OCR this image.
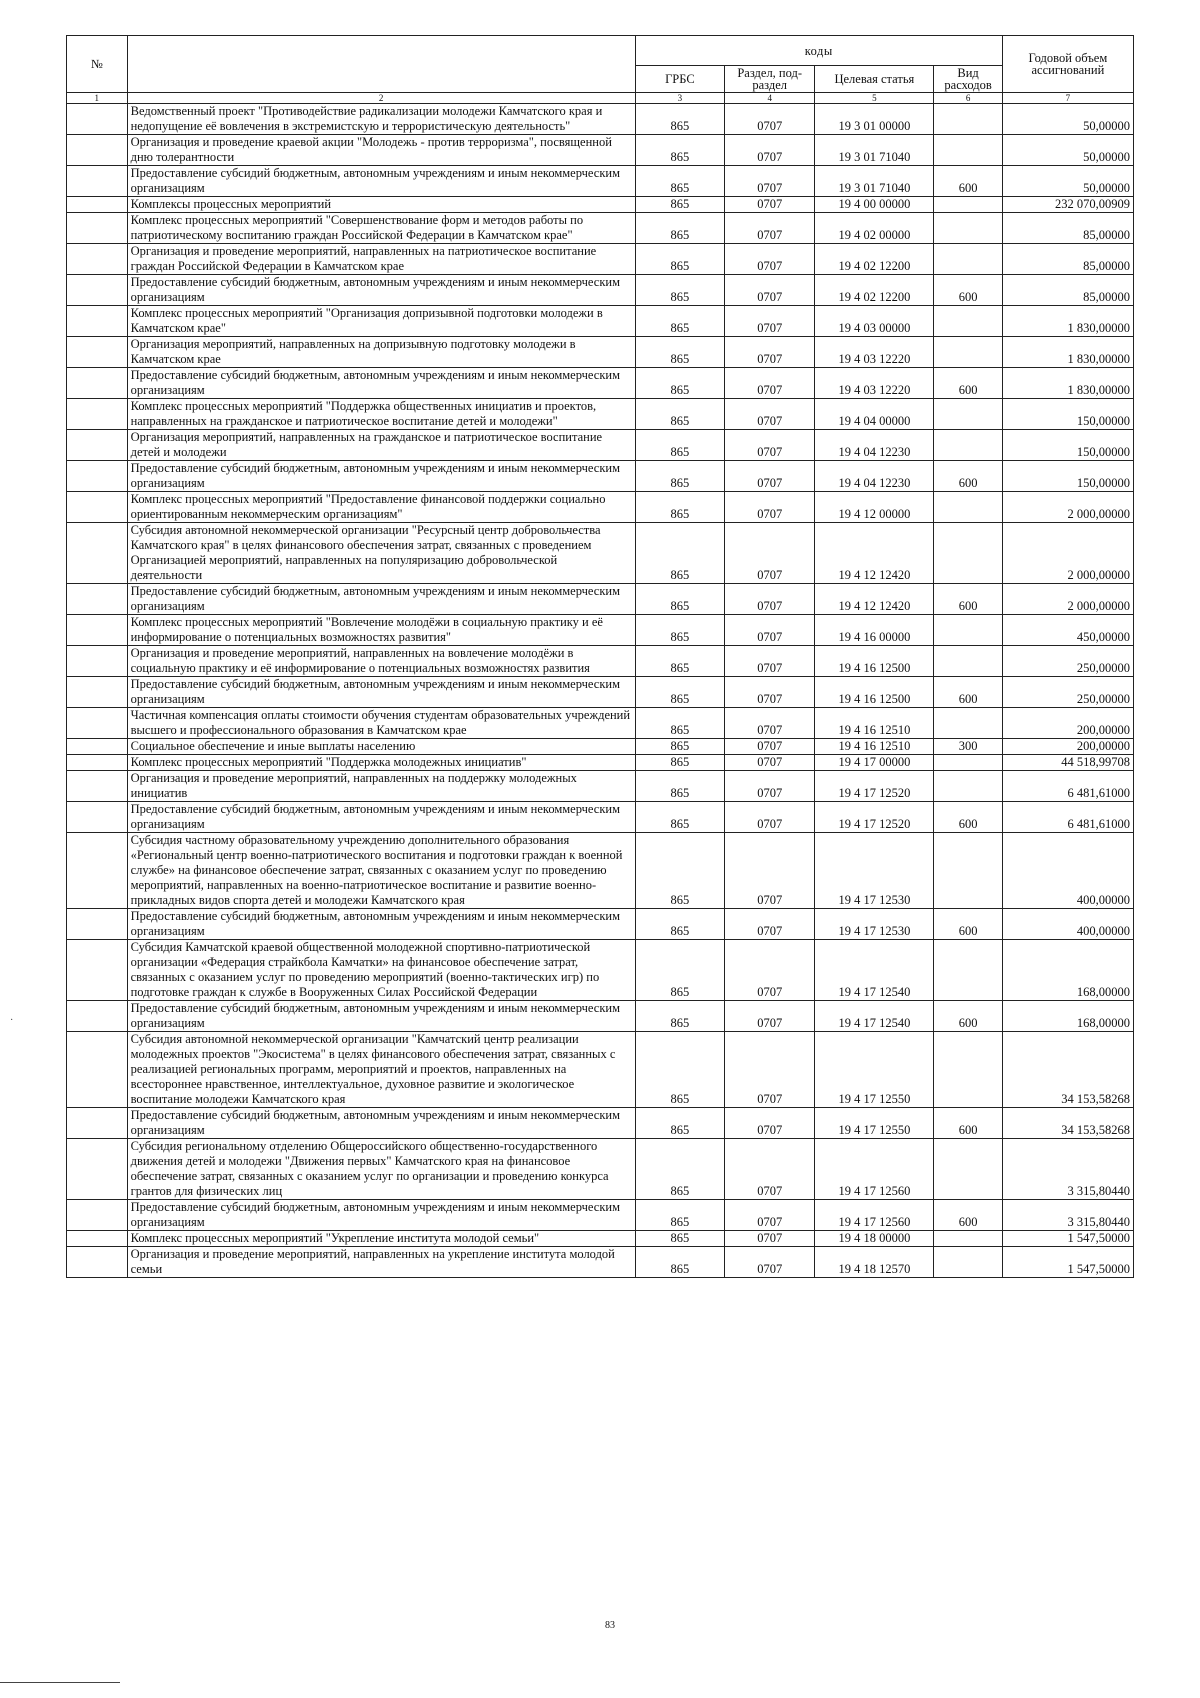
№		коды				Годовой объем ассигнований
		ГРБС	Раздел, под-раздел	Целевая статья	Вид расходов	
1	2	3	4	5	6	7
	Ведомственный проект "Противодействие радикализации молодежи Камчатского края и недопущение её вовлечения в экстремистскую и террористическую деятельность"	865	0707	19 3 01 00000		50,00000
	Организация и проведение краевой акции "Молодежь - против терроризма", посвященной дню толерантности	865	0707	19 3 01 71040		50,00000
	Предоставление субсидий бюджетным, автономным учреждениям и иным некоммерческим организациям	865	0707	19 3 01 71040	600	50,00000
	Комплексы процессных мероприятий	865	0707	19 4 00 00000		232 070,00909
	Комплекс процессных мероприятий "Совершенствование форм и методов работы по патриотическому воспитанию граждан Российской Федерации в Камчатском крае"	865	0707	19 4 02 00000		85,00000
	Организация и проведение мероприятий, направленных на патриотическое воспитание граждан Российской Федерации в Камчатском крае	865	0707	19 4 02 12200		85,00000
	Предоставление субсидий бюджетным, автономным учреждениям и иным некоммерческим организациям	865	0707	19 4 02 12200	600	85,00000
	Комплекс процессных мероприятий "Организация допризывной подготовки молодежи в Камчатском крае"	865	0707	19 4 03 00000		1 830,00000
	Организация мероприятий, направленных на допризывную подготовку молодежи в Камчатском крае	865	0707	19 4 03 12220		1 830,00000
	Предоставление субсидий бюджетным, автономным учреждениям и иным некоммерческим организациям	865	0707	19 4 03 12220	600	1 830,00000
	Комплекс процессных мероприятий "Поддержка общественных инициатив и проектов, направленных на гражданское и патриотическое воспитание детей и молодежи"	865	0707	19 4 04 00000		150,00000
	Организация мероприятий, направленных на гражданское и патриотическое воспитание детей и молодежи	865	0707	19 4 04 12230		150,00000
	Предоставление субсидий бюджетным, автономным учреждениям и иным некоммерческим организациям	865	0707	19 4 04 12230	600	150,00000
	Комплекс процессных мероприятий "Предоставление финансовой поддержки социально ориентированным некоммерческим организациям"	865	0707	19 4 12 00000		2 000,00000
	Субсидия автономной некоммерческой организации "Ресурсный центр добровольчества Камчатского края" в целях финансового обеспечения затрат, связанных с проведением Организацией мероприятий, направленных на популяризацию добровольческой деятельности	865	0707	19 4 12 12420		2 000,00000
	Предоставление субсидий бюджетным, автономным учреждениям и иным некоммерческим организациям	865	0707	19 4 12 12420	600	2 000,00000
	Комплекс процессных мероприятий "Вовлечение молодёжи в социальную практику и её информирование о потенциальных возможностях развития"	865	0707	19 4 16 00000		450,00000
	Организация и проведение мероприятий, направленных на вовлечение молодёжи в социальную практику и её информирование о потенциальных возможностях развития	865	0707	19 4 16 12500		250,00000
	Предоставление субсидий бюджетным, автономным учреждениям и иным некоммерческим организациям	865	0707	19 4 16 12500	600	250,00000
	Частичная компенсация оплаты стоимости обучения студентам образовательных учреждений высшего и профессионального образования в Камчатском крае	865	0707	19 4 16 12510		200,00000
	Социальное обеспечение и иные выплаты населению	865	0707	19 4 16 12510	300	200,00000
	Комплекс процессных мероприятий "Поддержка молодежных инициатив"	865	0707	19 4 17 00000		44 518,99708
	Организация и проведение мероприятий, направленных на поддержку молодежных инициатив	865	0707	19 4 17 12520		6 481,61000
	Предоставление субсидий бюджетным, автономным учреждениям и иным некоммерческим организациям	865	0707	19 4 17 12520	600	6 481,61000
	Субсидия частному образовательному учреждению дополнительного образования «Региональный центр военно-патриотического воспитания и подготовки граждан к военной службе» на финансовое обеспечение затрат, связанных с оказанием услуг по проведению мероприятий, направленных на военно-патриотическое воспитание и развитие военно-прикладных видов спорта детей и молодежи Камчатского края	865	0707	19 4 17 12530		400,00000
	Предоставление субсидий бюджетным, автономным учреждениям и иным некоммерческим организациям	865	0707	19 4 17 12530	600	400,00000
	Субсидия Камчатской краевой общественной молодежной спортивно-патриотической организации «Федерация страйкбола Камчатки» на финансовое обеспечение затрат, связанных с оказанием услуг по проведению мероприятий (военно-тактических игр) по подготовке граждан к службе в Вооруженных Силах Российской Федерации	865	0707	19 4 17 12540		168,00000
	Предоставление субсидий бюджетным, автономным учреждениям и иным некоммерческим организациям	865	0707	19 4 17 12540	600	168,00000
	Субсидия автономной некоммерческой организации "Камчатский центр реализации молодежных проектов "Экосистема" в целях финансового обеспечения затрат, связанных с реализацией региональных программ, мероприятий и проектов, направленных на всестороннее нравственное, интеллектуальное, духовное развитие и экологическое воспитание молодежи Камчатского края	865	0707	19 4 17 12550		34 153,58268
	Предоставление субсидий бюджетным, автономным учреждениям и иным некоммерческим организациям	865	0707	19 4 17 12550	600	34 153,58268
	Субсидия региональному отделению Общероссийского общественно-государственного движения детей и молодежи "Движения первых" Камчатского края на финансовое обеспечение затрат, связанных с оказанием услуг по организации и проведению конкурса грантов для физических лиц	865	0707	19 4 17 12560		3 315,80440
	Предоставление субсидий бюджетным, автономным учреждениям и иным некоммерческим организациям	865	0707	19 4 17 12560	600	3 315,80440
	Комплекс процессных мероприятий "Укрепление института молодой семьи"	865	0707	19 4 18 00000		1 547,50000
	Организация и проведение мероприятий, направленных на укрепление института молодой семьи	865	0707	19 4 18 12570		1 547,50000
·
83
